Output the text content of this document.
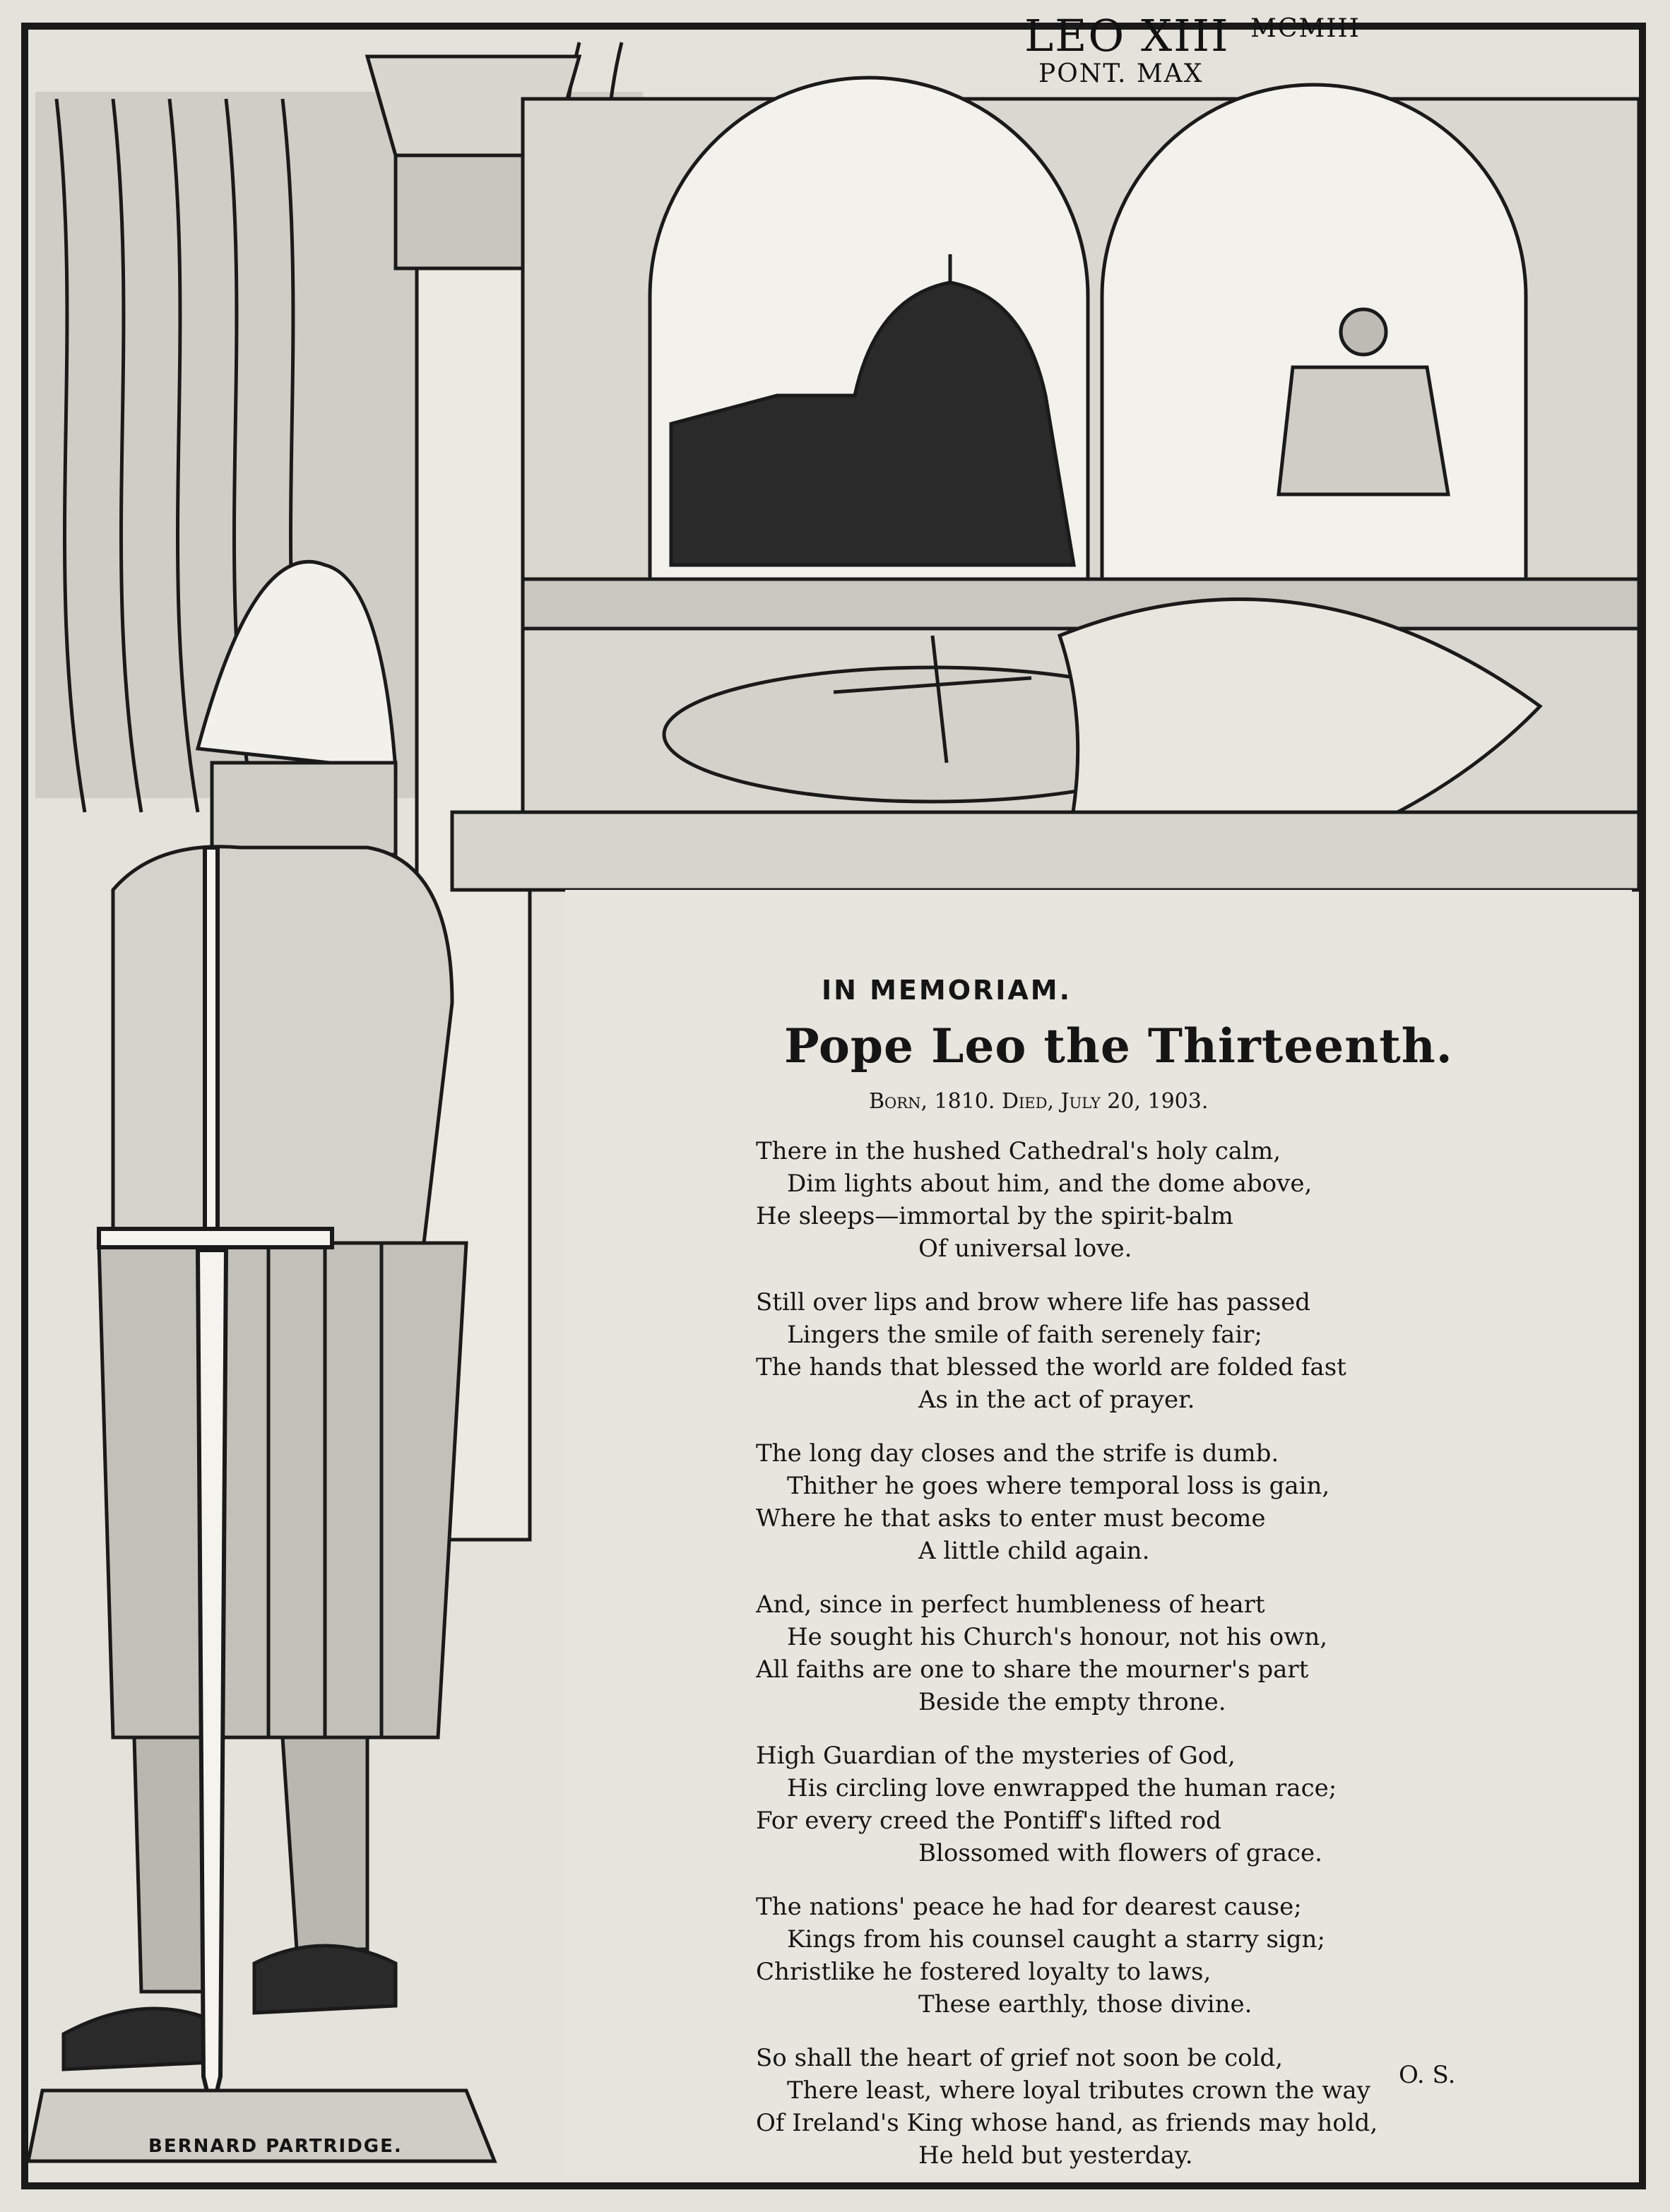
LEO XIII
PONT. MAX
MCMIII
IN MEMORIAM.
Pope Leo the Thirteenth.
Born, 1810. Died, July 20, 1903.
There in the hushed Cathedral's holy calm,
Dim lights about him, and the dome above,
He sleeps—immortal by the spirit-balm
Of universal love.
Still over lips and brow where life has passed
Lingers the smile of faith serenely fair;
The hands that blessed the world are folded fast
As in the act of prayer.
The long day closes and the strife is dumb.
Thither he goes where temporal loss is gain,
Where he that asks to enter must become
A little child again.
And, since in perfect humbleness of heart
He sought his Church's honour, not his own,
All faiths are one to share the mourner's part
Beside the empty throne.
High Guardian of the mysteries of God,
His circling love enwrapped the human race;
For every creed the Pontiff's lifted rod
Blossomed with flowers of grace.
The nations' peace he had for dearest cause;
Kings from his counsel caught a starry sign;
Christlike he fostered loyalty to laws,
These earthly, those divine.
So shall the heart of grief not soon be cold,
There least, where loyal tributes crown the way
Of Ireland's King whose hand, as friends may hold,
He held but yesterday.
O. S.
BERNARD PARTRIDGE.
